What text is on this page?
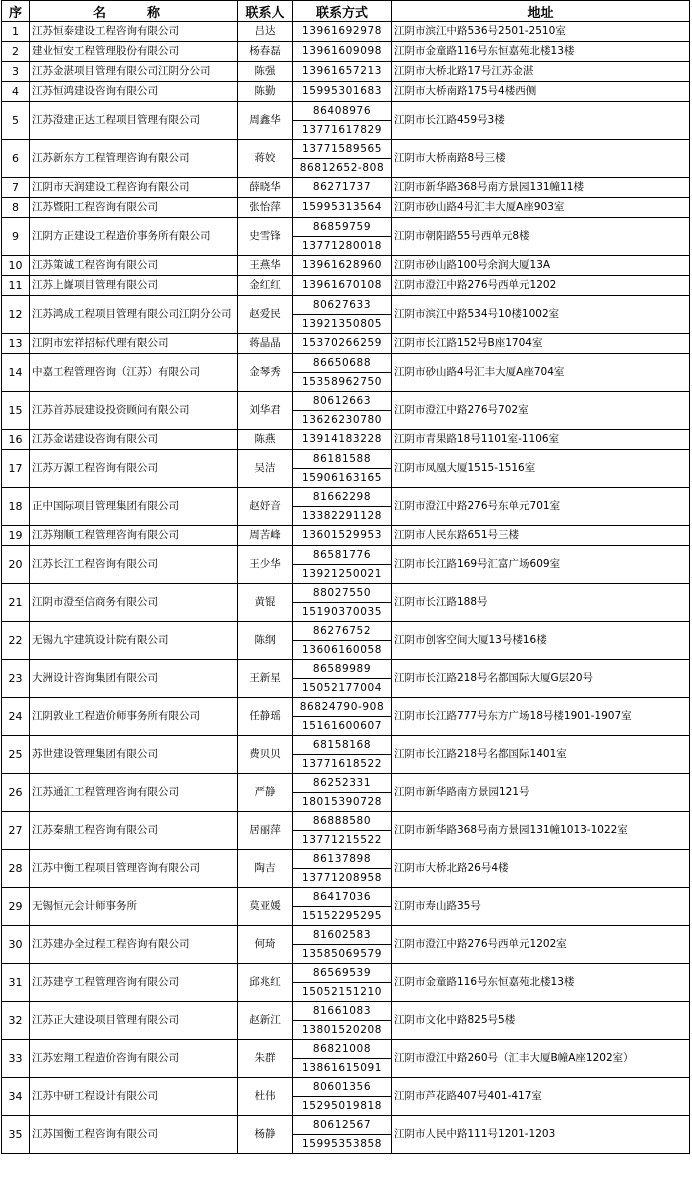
序	名　称	联系人	联系方式	地址
1	江苏恒泰建设工程咨询有限公司	吕达	13961692978	江阴市滨江中路536号2501-2510室
2	建业恒安工程管理股份有限公司	杨春磊	13961609098	江阴市金童路116号东恒嘉苑北楼13楼
3	江苏金湛项目管理有限公司江阴分公司	陈强	13961657213	江阴市大桥北路17号江苏金湛
4	江苏恒鸿建设咨询有限公司	陈勤	15995301683	江阴市大桥南路175号4楼西侧
5	江苏澄建正达工程项目管理有限公司	周鑫华	86408976	江阴市长江路459号3楼
			13771617829	
6	江苏新东方工程管理咨询有限公司	蒋姣	13771589565	江阴市大桥南路8号三楼
			86812652-808	
7	江阴市天润建设工程咨询有限公司	薛晓华	86271737	江阴市新华路368号南方景园131幢11楼
8	江苏暨阳工程咨询有限公司	张怡萍	15995313564	江阴市砂山路4号汇丰大厦A座903室
9	江阴方正建设工程造价事务所有限公司	史雪锋	86859759	江阴市朝阳路55号西单元8楼
			13771280018	
10	江苏策诚工程咨询有限公司	王燕华	13961628960	江阴市砂山路100号余润大厦13A
11	江苏上嶐项目管理有限公司	金红红	13961670108	江阴市澄江中路276号西单元1202
12	江苏鸿成工程项目管理有限公司江阴分公司	赵爱民	80627633	江阴市滨江中路534号10楼1002室
			13921350805	
13	江阴市宏祥招标代理有限公司	蒋晶晶	15370266259	江阴市长江路152号B座1704室
14	中嘉工程管理咨询（江苏）有限公司	金琴秀	86650688	江阴市砂山路4号汇丰大厦A座704室
			15358962750	
15	江苏首苏辰建设投资顾问有限公司	刘华君	80612663	江阴市澄江中路276号702室
			13626230780	
16	江苏金诺建设咨询有限公司	陈燕	13914183228	江阴市青果路18号1101室-1106室
17	江苏万源工程咨询有限公司	吴洁	86181588	江阴市凤凰大厦1515-1516室
			15906163165	
18	正中国际项目管理集团有限公司	赵妤音	81662298	江阴市澄江中路276号东单元701室
			13382291128	
19	江苏翔顺工程管理咨询有限公司	周苦峰	13601529953	江阴市人民东路651号三楼
20	江苏长江工程咨询有限公司	王少华	86581776	江阴市长江路169号汇富广场609室
			13921250021	
21	江阴市澄至信商务有限公司	黄锟	88027550	江阴市长江路188号
			15190370035	
22	无锡九宇建筑设计院有限公司	陈纲	86276752	江阴市创客空间大厦13号楼16楼
			13606160058	
23	大洲设计咨询集团有限公司	王新星	86589989	江阴市长江路218号名都国际大厦G层20号
			15052177004	
24	江阴敦业工程造价师事务所有限公司	任静瑶	86824790-908	江阴市长江路777号东方广场18号楼1901-1907室
			15161600607	
25	苏世建设管理集团有限公司	费贝贝	68158168	江阴市长江路218号名都国际1401室
			13771618522	
26	江苏通汇工程管理咨询有限公司	严静	86252331	江阴市新华路南方景园121号
			18015390728	
27	江苏秦鼎工程咨询有限公司	居丽萍	86888580	江阴市新华路368号南方景园131幢1013-1022室
			13771215522	
28	江苏中衡工程项目管理咨询有限公司	陶吉	86137898	江阴市大桥北路26号4楼
			13771208958	
29	无锡恒元会计师事务所	莫亚媛	86417036	江阴市寿山路35号
			15152295295	
30	江苏建办全过程工程咨询有限公司	何琦	81602583	江阴市澄江中路276号西单元1202室
			13585069579	
31	江苏建亨工程管理咨询有限公司	邱兆红	86569539	江阴市金童路116号东恒嘉苑北楼13楼
			15052151210	
32	江苏正大建设项目管理有限公司	赵新江	81661083	江阴市文化中路825号5楼
			13801520208	
33	江苏宏翔工程造价咨询有限公司	朱群	86821008	江阴市澄江中路260号（汇丰大厦B幢A座1202室）
			13861615091	
34	江苏中研工程设计有限公司	杜伟	80601356	江阴市芦花路407号401-417室
			15295019818	
35	江苏国衡工程咨询有限公司	杨静	80612567	江阴市人民中路111号1201-1203
			15995353858	
